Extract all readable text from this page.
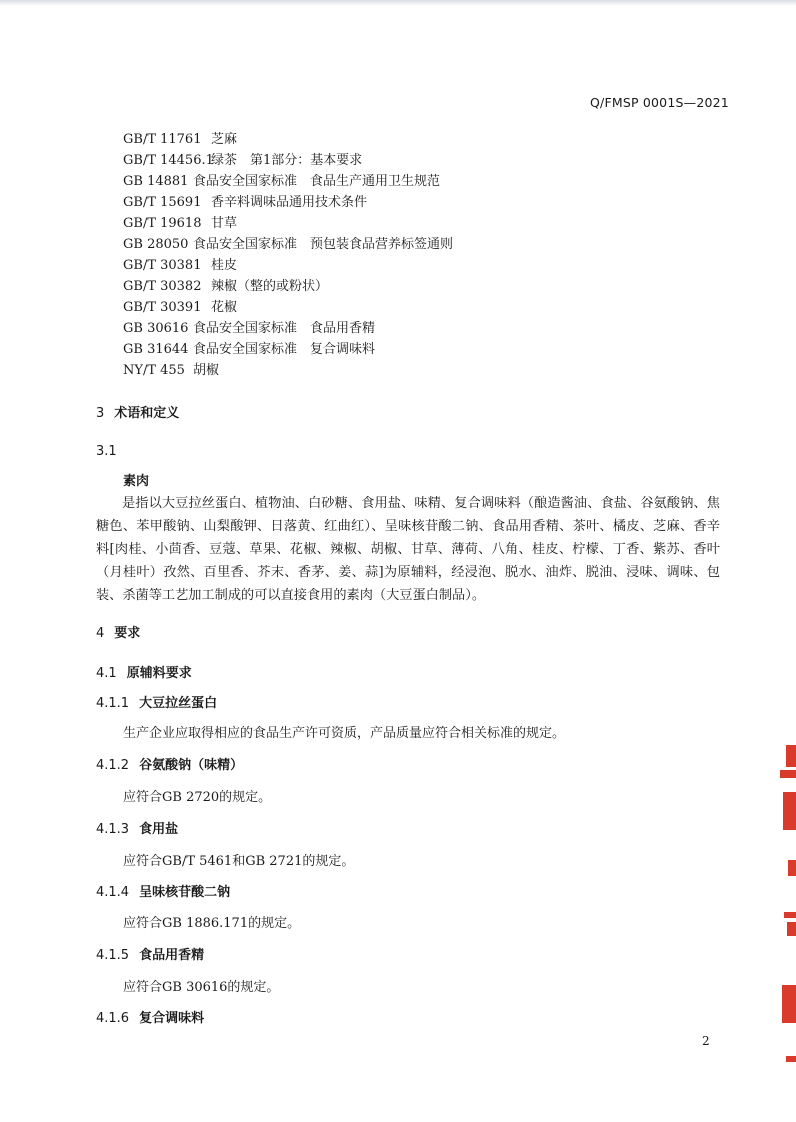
Q/FMSP 0001S—2021
GB/T 11761 芝麻
GB/T 14456.1绿茶　第1部分：基本要求
GB 14881 食品安全国家标准　食品生产通用卫生规范
GB/T 15691 香辛料调味品通用技术条件
GB/T 19618 甘草
GB 28050 食品安全国家标准　预包装食品营养标签通则
GB/T 30381 桂皮
GB/T 30382 辣椒（整的或粉状）
GB/T 30391 花椒
GB 30616 食品安全国家标准　食品用香精
GB 31644 食品安全国家标准　复合调味料
NY/T 455 胡椒
3 术语和定义
3.1
素肉

是指以大豆拉丝蛋白、植物油、白砂糖、食用盐、味精、复合调味料（酿造酱油、食盐、谷氨酸钠、焦糖色、苯甲酸钠、山梨酸钾、日落黄、红曲红）、呈味核苷酸二钠、食品用香精、茶叶、橘皮、芝麻、香辛料[肉桂、小茴香、豆蔻、草果、花椒、辣椒、胡椒、甘草、薄荷、八角、桂皮、柠檬、丁香、紫苏、香叶（月桂叶）孜然、百里香、芥末、香茅、姜、蒜]为原辅料，经浸泡、脱水、油炸、脱油、浸味、调味、包装、杀菌等工艺加工制成的可以直接食用的素肉（大豆蛋白制品）。

4 要求
4.1 原辅料要求
4.1.1 大豆拉丝蛋白
生产企业应取得相应的食品生产许可资质，产品质量应符合相关标准的规定。
4.1.2 谷氨酸钠（味精）
应符合GB 2720的规定。
4.1.3 食用盐
应符合GB/T 5461和GB 2721的规定。
4.1.4 呈味核苷酸二钠
应符合GB 1886.171的规定。
4.1.5 食品用香精
应符合GB 30616的规定。
4.1.6 复合调味料
2
